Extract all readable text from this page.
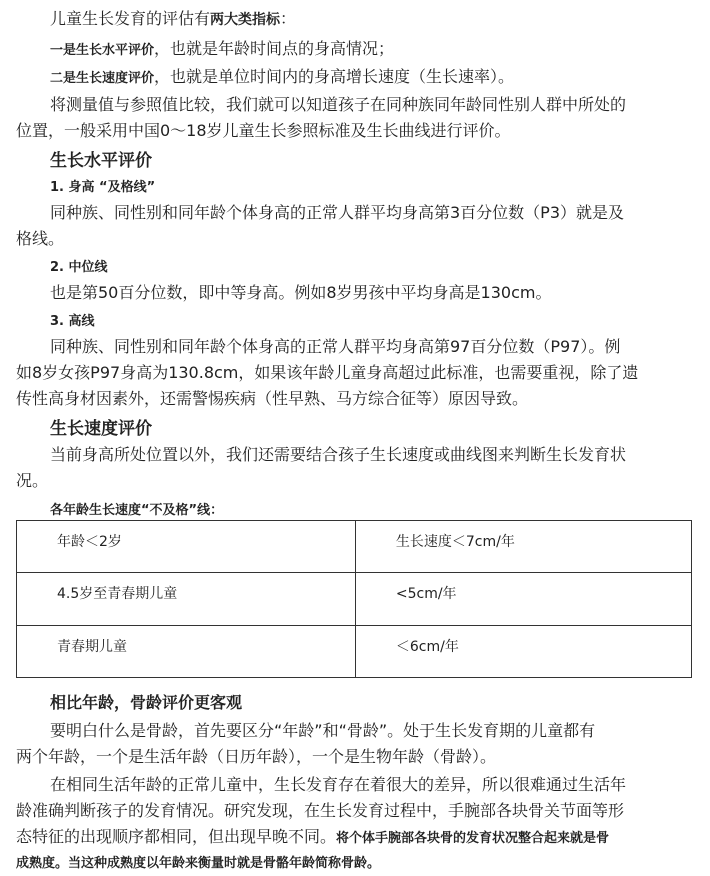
儿童生长发育的评估有两大类指标：
一是生长水平评价，也就是年龄时间点的身高情况；
二是生长速度评价，也就是单位时间内的身高增长速度（生长速率）。
将测量值与参照值比较，我们就可以知道孩子在同种族同年龄同性别人群中所处的
位置，一般采用中国0～18岁儿童生长参照标准及生长曲线进行评价。
生长水平评价
1. 身高 “及格线”
同种族、同性别和同年龄个体身高的正常人群平均身高第3百分位数（P3）就是及
格线。
2. 中位线
也是第50百分位数，即中等身高。例如8岁男孩中平均身高是130cm。
3. 高线
同种族、同性别和同年龄个体身高的正常人群平均身高第97百分位数（P97）。例
如8岁女孩P97身高为130.8cm，如果该年龄儿童身高超过此标准，也需要重视，除了遗
传性高身材因素外，还需警惕疾病（性早熟、马方综合征等）原因导致。
生长速度评价
当前身高所处位置以外，我们还需要结合孩子生长速度或曲线图来判断生长发育状
况。
各年龄生长速度“不及格”线：
年龄＜2岁	生长速度＜7cm/年
4.5岁至青春期儿童	<5cm/年
青春期儿童	＜6cm/年
相比年龄，骨龄评价更客观
要明白什么是骨龄，首先要区分“年龄”和“骨龄”。处于生长发育期的儿童都有
两个年龄，一个是生活年龄（日历年龄），一个是生物年龄（骨龄）。
在相同生活年龄的正常儿童中，生长发育存在着很大的差异，所以很难通过生活年
龄准确判断孩子的发育情况。研究发现，在生长发育过程中，手腕部各块骨关节面等形
态特征的出现顺序都相同，但出现早晚不同。将个体手腕部各块骨的发育状况整合起来就是骨
成熟度。当这种成熟度以年龄来衡量时就是骨骼年龄简称骨龄。
